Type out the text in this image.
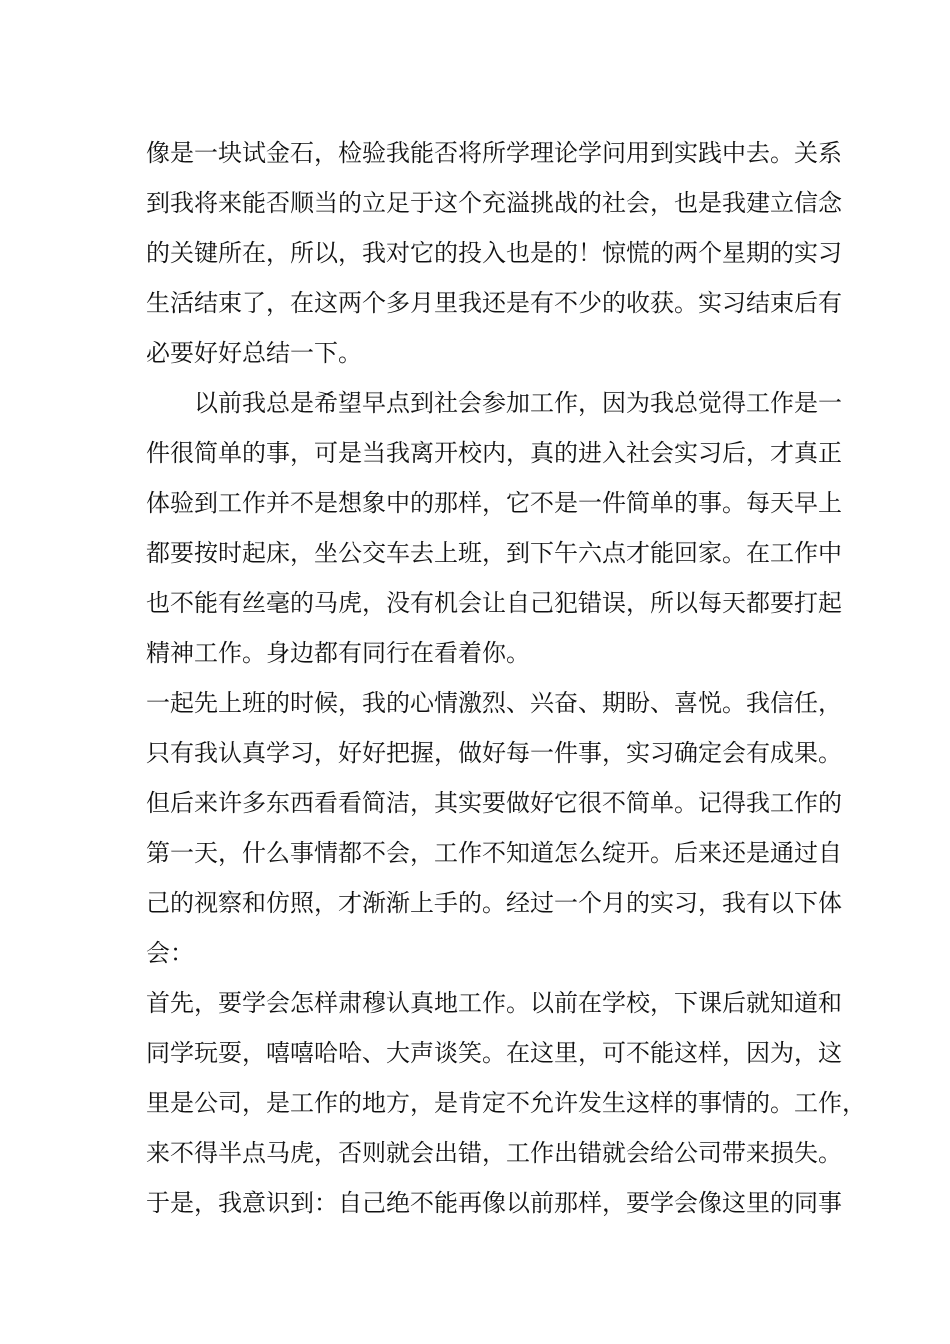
像是一块试金石，检验我能否将所学理论学问用到实践中去。关系
到我将来能否顺当的立足于这个充溢挑战的社会，也是我建立信念
的关键所在，所以，我对它的投入也是的！惊慌的两个星期的实习
生活结束了，在这两个多月里我还是有不少的收获。实习结束后有
必要好好总结一下。
以前我总是希望早点到社会参加工作，因为我总觉得工作是一
件很简单的事，可是当我离开校内，真的进入社会实习后，才真正
体验到工作并不是想象中的那样，它不是一件简单的事。每天早上
都要按时起床，坐公交车去上班，到下午六点才能回家。在工作中
也不能有丝毫的马虎，没有机会让自己犯错误，所以每天都要打起
精神工作。身边都有同行在看着你。
一起先上班的时候，我的心情激烈、兴奋、期盼、喜悦。我信任，
只有我认真学习，好好把握，做好每一件事，实习确定会有成果。
但后来许多东西看看简洁，其实要做好它很不简单。记得我工作的
第一天，什么事情都不会，工作不知道怎么绽开。后来还是通过自
己的视察和仿照，才渐渐上手的。经过一个月的实习，我有以下体
会：
首先，要学会怎样肃穆认真地工作。以前在学校，下课后就知道和
同学玩耍，嘻嘻哈哈、大声谈笑。在这里，可不能这样，因为，这
里是公司，是工作的地方，是肯定不允许发生这样的事情的。工作，
来不得半点马虎，否则就会出错，工作出错就会给公司带来损失。
于是，我意识到：自己绝不能再像以前那样，要学会像这里的同事
